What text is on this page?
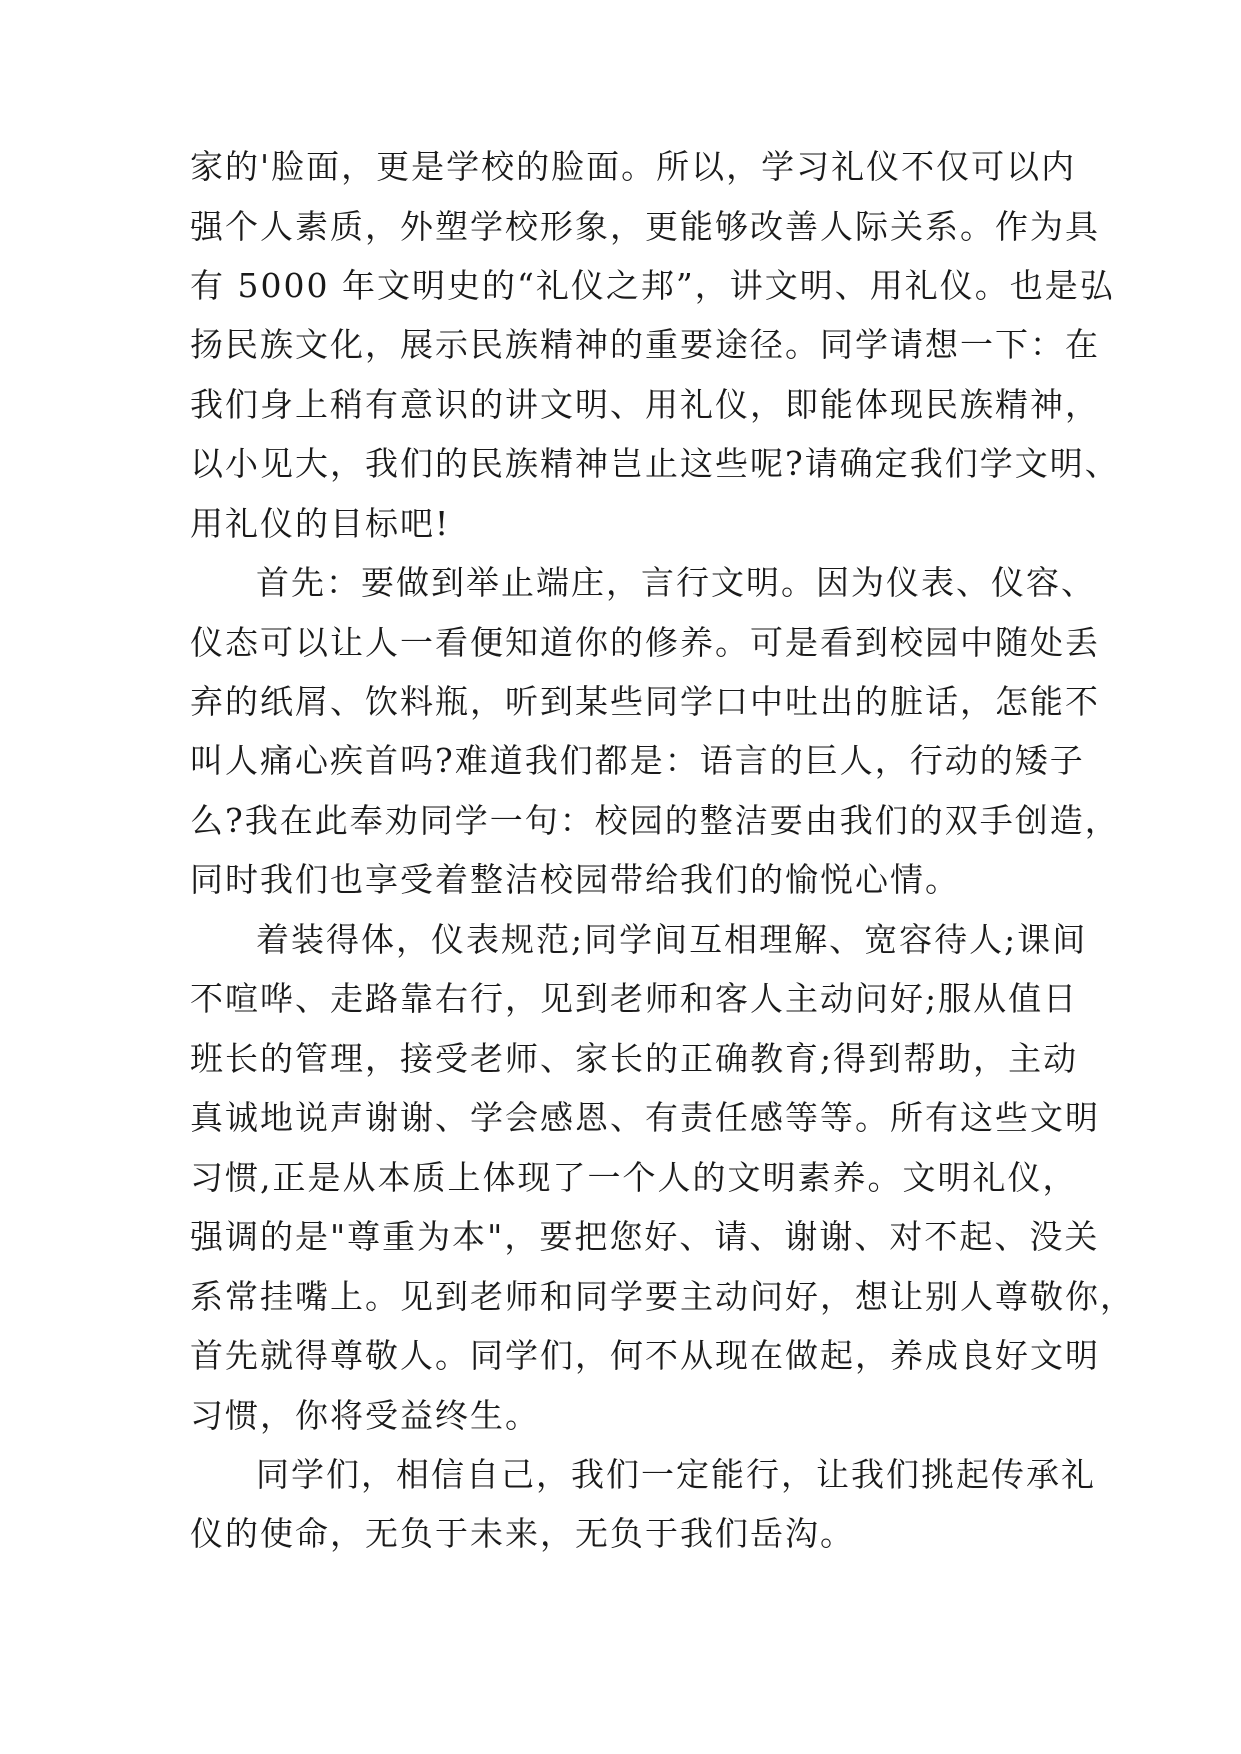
家的'脸面，更是学校的脸面。所以，学习礼仪不仅可以内
强个人素质，外塑学校形象，更能够改善人际关系。作为具
有 5000 年文明史的“礼仪之邦”，讲文明、用礼仪。也是弘
扬民族文化，展示民族精神的重要途径。同学请想一下：在
我们身上稍有意识的讲文明、用礼仪，即能体现民族精神，
以小见大，我们的民族精神岂止这些呢?请确定我们学文明、
用礼仪的目标吧!
首先：要做到举止端庄，言行文明。因为仪表、仪容、
仪态可以让人一看便知道你的修养。可是看到校园中随处丢
弃的纸屑、饮料瓶，听到某些同学口中吐出的脏话，怎能不
叫人痛心疾首吗?难道我们都是：语言的巨人，行动的矮子
么?我在此奉劝同学一句：校园的整洁要由我们的双手创造，
同时我们也享受着整洁校园带给我们的愉悦心情。
着装得体，仪表规范;同学间互相理解、宽容待人;课间
不喧哗、走路靠右行，见到老师和客人主动问好;服从值日
班长的管理，接受老师、家长的正确教育;得到帮助，主动
真诚地说声谢谢、学会感恩、有责任感等等。所有这些文明
习惯,正是从本质上体现了一个人的文明素养。文明礼仪，
强调的是"尊重为本"，要把您好、请、谢谢、对不起、没关
系常挂嘴上。见到老师和同学要主动问好，想让别人尊敬你，
首先就得尊敬人。同学们，何不从现在做起，养成良好文明
习惯，你将受益终生。
同学们，相信自己，我们一定能行，让我们挑起传承礼
仪的使命，无负于未来，无负于我们岳沟。
